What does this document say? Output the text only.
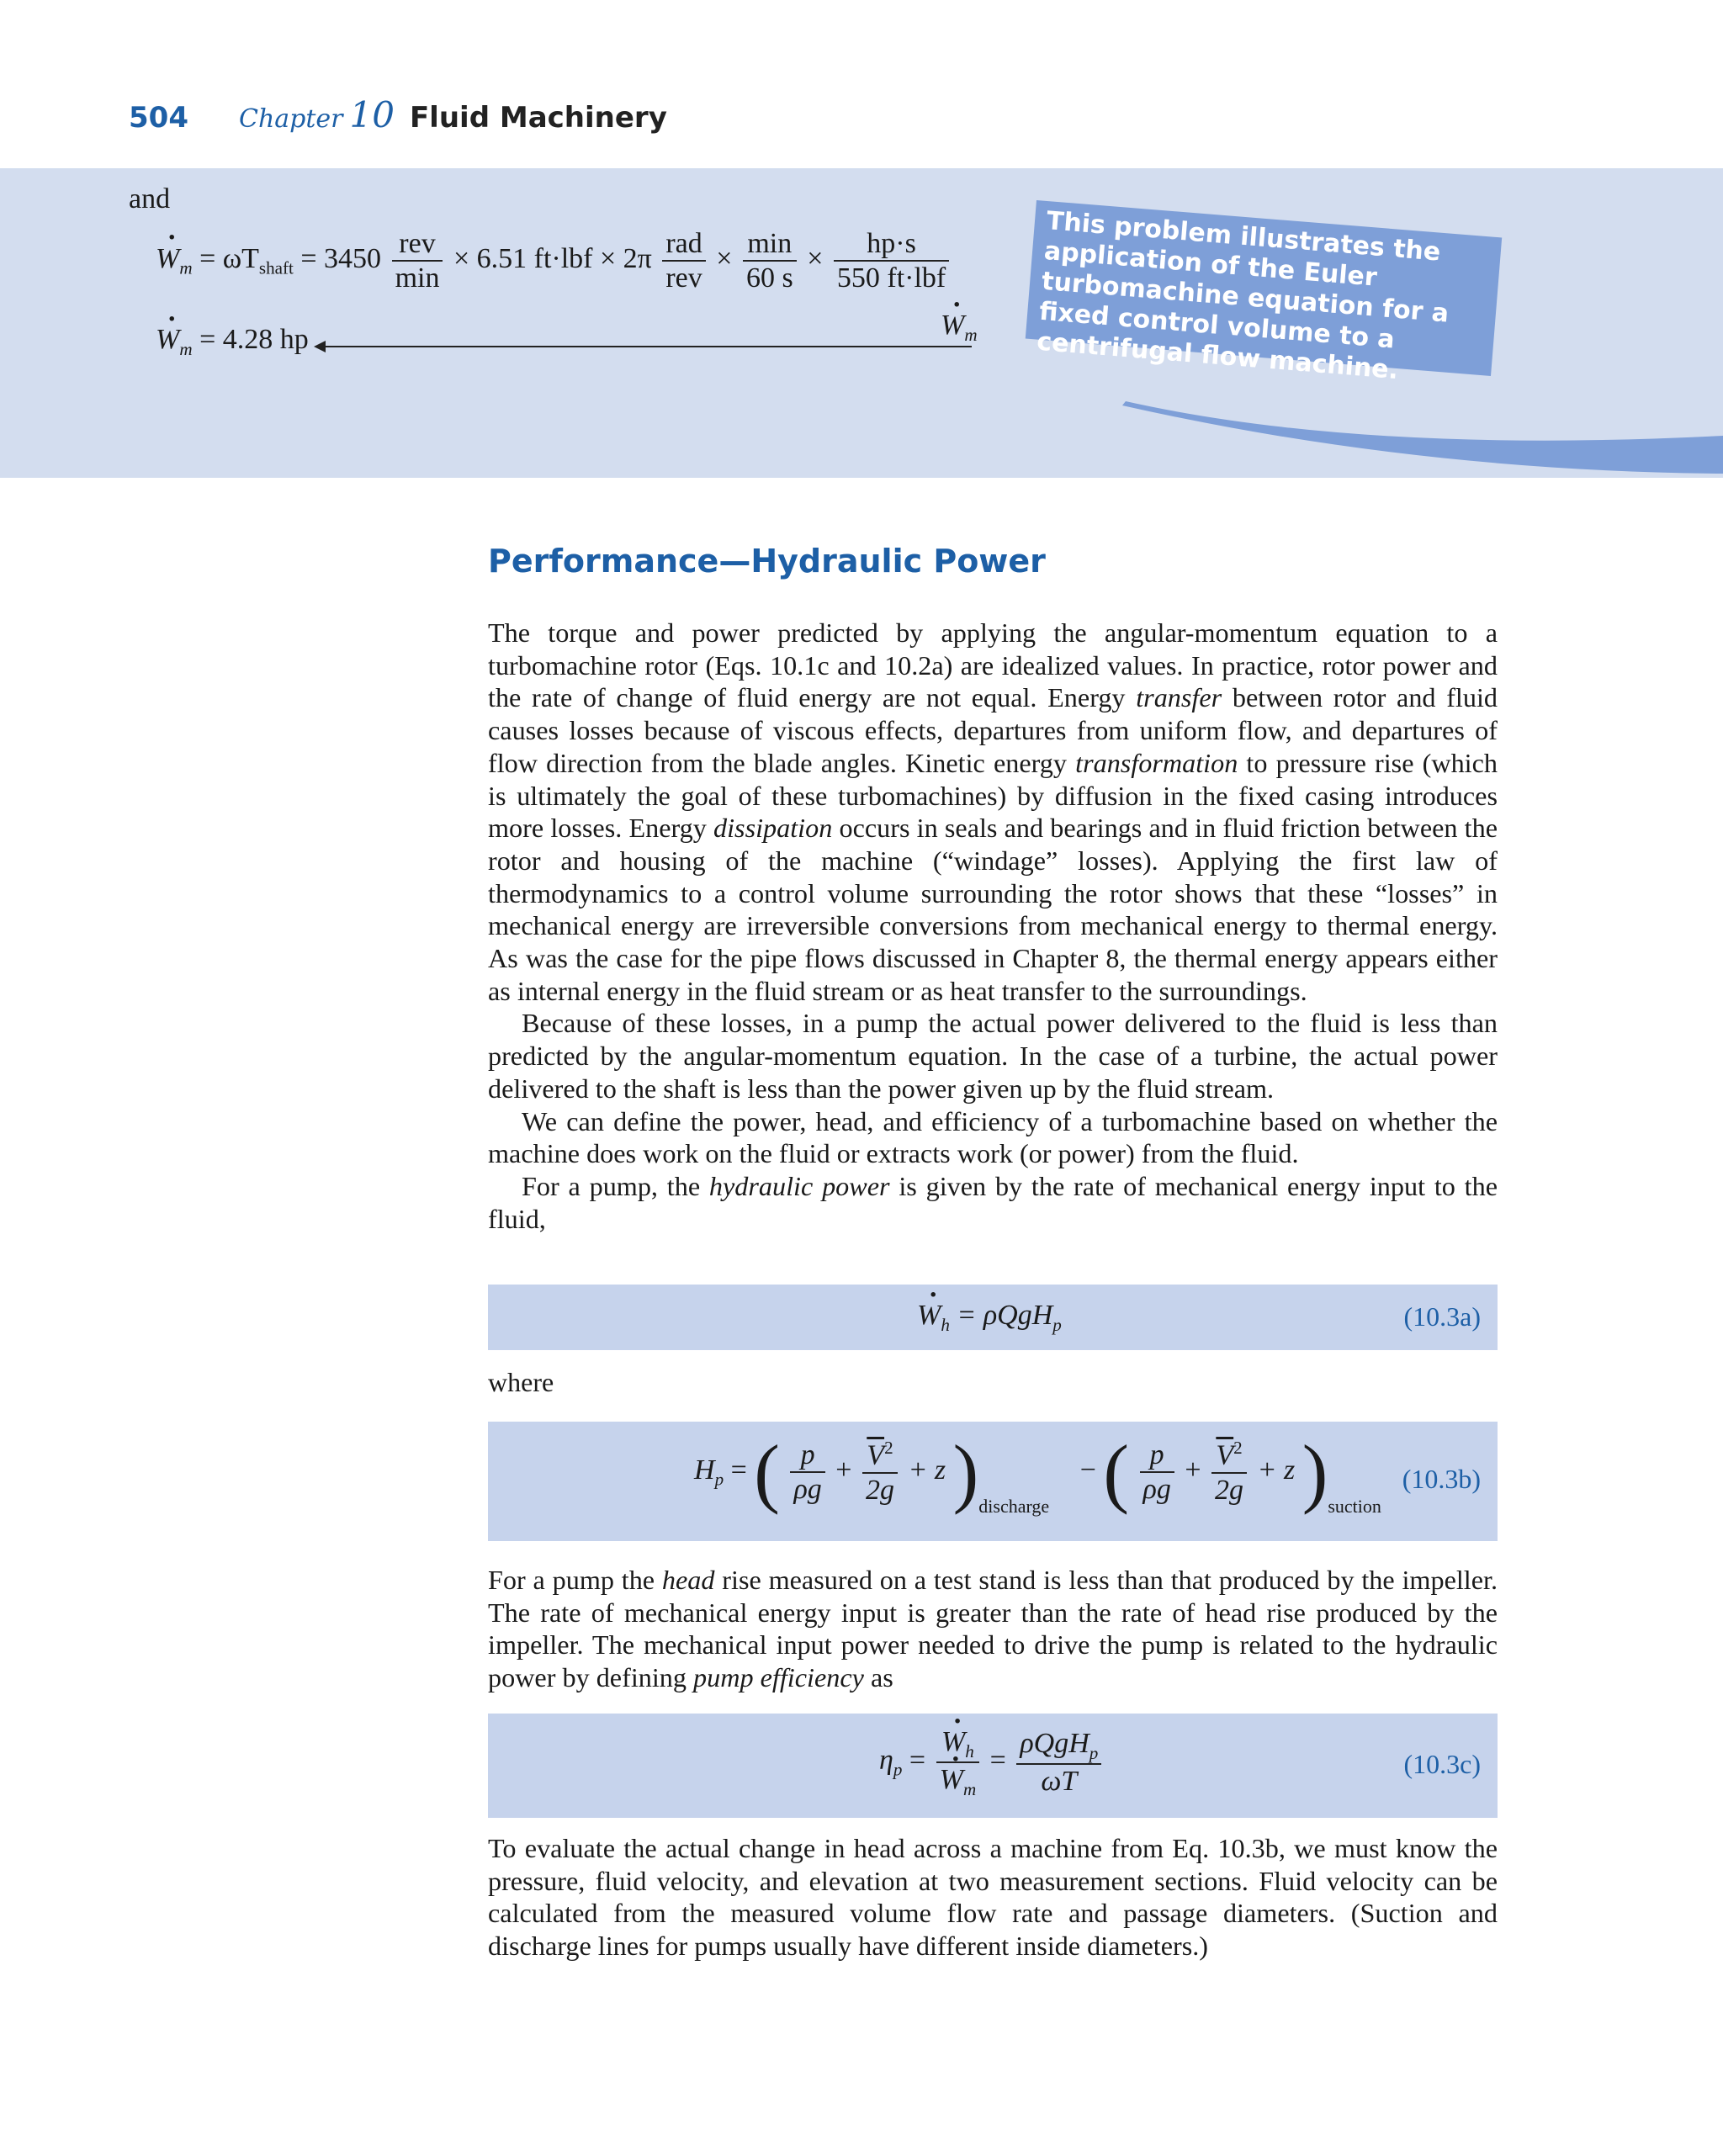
504 Chapter 10 Fluid Machinery
and
$W \cdot_m = \omega T_{shaft} = 3450 \frac{\text{rev}}{\min} \times 6.51$ $ft\cdot lbf \times 2\pi \frac{\text{rad}}{\text{rev}} \times \frac{\min}{60 s} \times \frac{hp\cdot s}{\text{550 ft·lbf}}$
$W \cdot_m = 4.28$ hp	$W \cdot_m$
This problem illustrates the application of the Euler turbomachine equation for a fixed control volume to a centrifugal flow machine.
Performance—Hydraulic Power

The torque and power predicted by applying the angular-momentum equation to a turbomachine rotor (Eqs. 10.1c and 10.2a) are idealized values. In practice, rotor power and the rate of change of fluid energy are not equal. Energy transfer between rotor and fluid causes losses because of viscous effects, departures from uniform flow, and departures of flow direction from the blade angles. Kinetic energy transformation to pressure rise (which is ultimately the goal of these turbomachines) by diffusion in the fixed casing introduces more losses. Energy dissipation occurs in seals and bearings and in fluid friction between the rotor and housing of the machine (“windage” losses). Applying the first law of thermodynamics to a control volume surrounding the rotor shows that these “losses” in mechanical energy are irreversible conversions from mechanical energy to thermal energy. As was the case for the pipe flows discussed in Chapter 8, the thermal energy appears either as internal energy in the fluid stream or as heat transfer to the surroundings.

Because of these losses, in a pump the actual power delivered to the fluid is less than predicted by the angular-momentum equation. In the case of a turbine, the actual power delivered to the shaft is less than the power given up by the fluid stream.

We can define the power, head, and efficiency of a turbomachine based on whether the machine does work on the fluid or extracts work (or power) from the fluid.

For a pump, the hydraulic power is given by the rate of mechanical energy input to the fluid,

$W \cdot_h = \rho QgH_p$	(10.3a)
where
$H_p$ = ( $\frac{p}{\rho g} + \frac{\overline{V}^2}{2g} + z$ )$_{discharge}$ − ( $\frac{p}{\rho g} + \frac{\overline{V}^2}{2g} + z$ )$_{suction}$
(10.3b)

For a pump the head rise measured on a test stand is less than that produced by the impeller. The rate of mechanical energy input is greater than the rate of head rise produced by the impeller. The mechanical input power needed to drive the pump is related to the hydraulic power by defining pump efficiency as

$\eta_p = \frac{W \cdot_h}{W \cdot_m} = \frac{\rho QgH_p}{\omega T}$	(10.3c)

To evaluate the actual change in head across a machine from Eq. 10.3b, we must know the pressure, fluid velocity, and elevation at two measurement sections. Fluid velocity can be calculated from the measured volume flow rate and passage diameters. (Suction and discharge lines for pumps usually have different inside diameters.)
